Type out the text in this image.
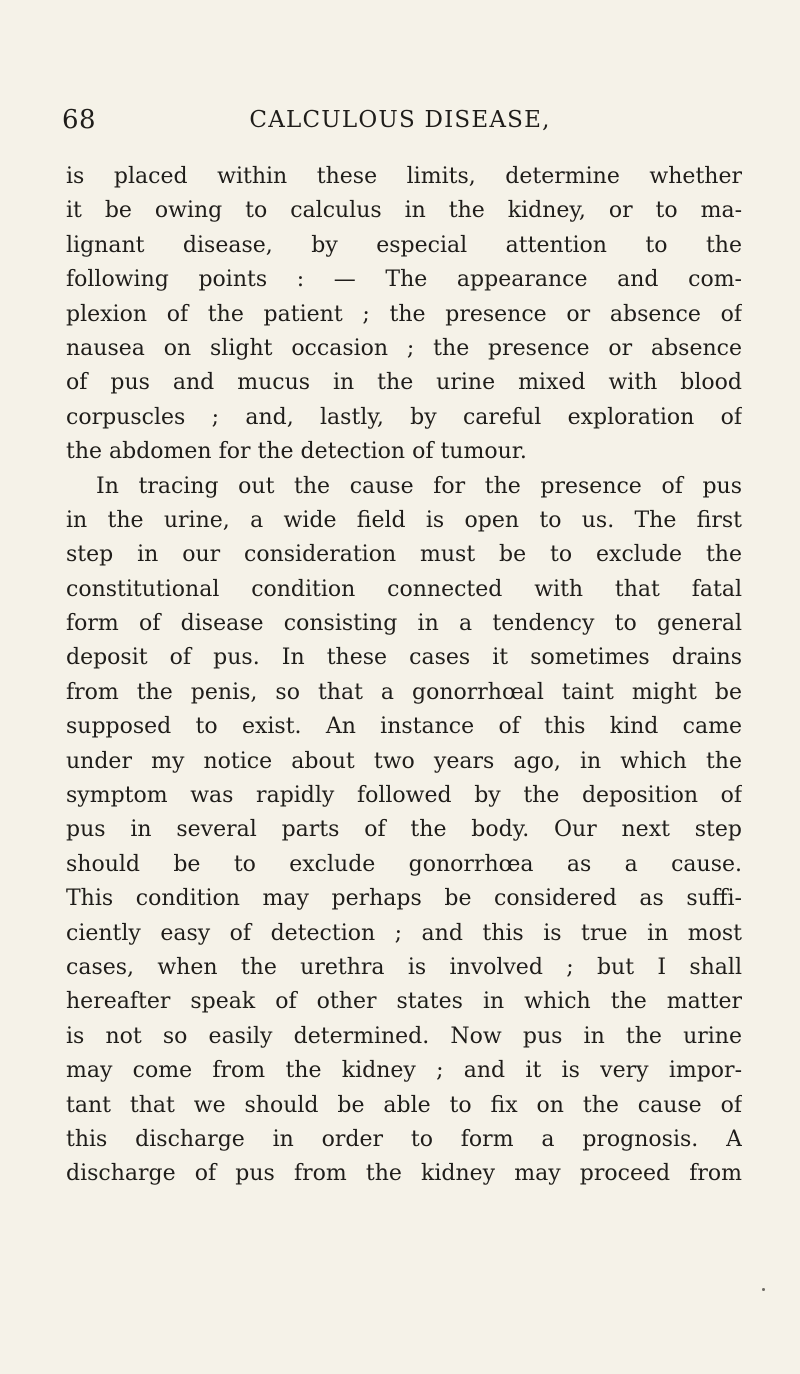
68	CALCULOUS DISEASE,
is placed within these limits, determine whether
it be owing to calculus in the kidney, or to ma-
lignant disease, by especial attention to the
following points : — The appearance and com-
plexion of the patient ; the presence or absence of
nausea on slight occasion ; the presence or absence
of pus and mucus in the urine mixed with blood
corpuscles ; and, lastly, by careful exploration of
the abdomen for the detection of tumour.
In tracing out the cause for the presence of pus
in the urine, a wide field is open to us. The first
step in our consideration must be to exclude the
constitutional condition connected with that fatal
form of disease consisting in a tendency to general
deposit of pus. In these cases it sometimes drains
from the penis, so that a gonorrhœal taint might be
supposed to exist. An instance of this kind came
under my notice about two years ago, in which the
symptom was rapidly followed by the deposition of
pus in several parts of the body. Our next step
should be to exclude gonorrhœa as a cause.
This condition may perhaps be considered as suffi-
ciently easy of detection ; and this is true in most
cases, when the urethra is involved ; but I shall
hereafter speak of other states in which the matter
is not so easily determined. Now pus in the urine
may come from the kidney ; and it is very impor-
tant that we should be able to fix on the cause of
this discharge in order to form a prognosis. A
discharge of pus from the kidney may proceed from
